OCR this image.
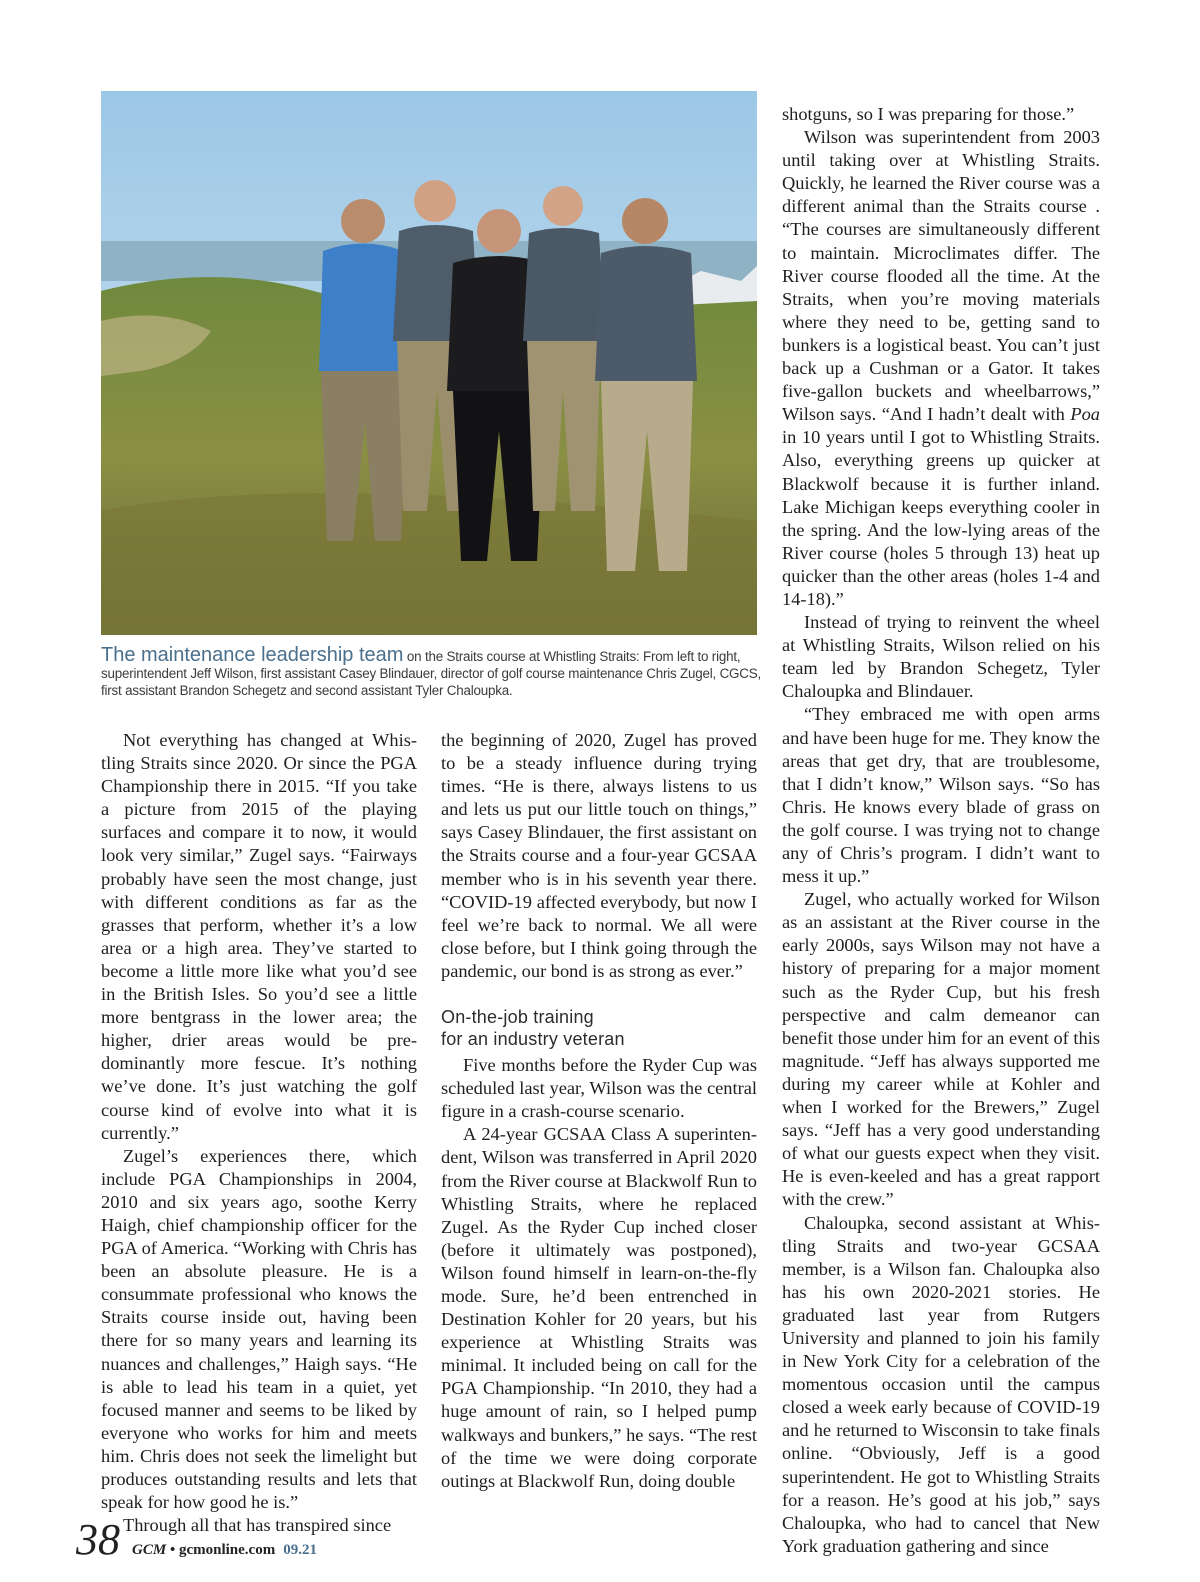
The maintenance leadership team on the Straits course at Whistling Straits: From left to right, superintendent Jeff Wilson, first assistant Casey Blindauer, director of golf course maintenance Chris Zugel, CGCS, first assistant Brandon Schegetz and second assistant Tyler Chaloupka.

Not everything has changed at Whistling Straits since 2020. Or since the PGA Championship there in 2015. “If you take a picture from 2015 of the playing surfaces and compare it to now, it would look very similar,” Zugel says. “Fairways probably have seen the most change, just with different conditions as far as the grasses that perform, whether it’s a low area or a high area. They’ve started to become a little more like what you’d see in the British Isles. So you’d see a little more bentgrass in the lower area; the higher, drier areas would be predominantly more fescue. It’s nothing we’ve done. It’s just watching the golf course kind of evolve into what it is currently.”

Zugel’s experiences there, which include PGA Championships in 2004, 2010 and six years ago, soothe Kerry Haigh, chief championship officer for the PGA of America. “Working with Chris has been an absolute pleasure. He is a consummate professional who knows the Straits course inside out, having been there for so many years and learning its nuances and challenges,” Haigh says. “He is able to lead his team in a quiet, yet focused manner and seems to be liked by everyone who works for him and meets him. Chris does not seek the limelight but produces outstanding results and lets that speak for how good he is.”

Through all that has transpired since

the beginning of 2020, Zugel has proved to be a steady influence during trying times. “He is there, always listens to us and lets us put our little touch on things,” says Casey Blindauer, the first assistant on the Straits course and a four-year GCSAA member who is in his seventh year there. “COVID-19 affected everybody, but now I feel we’re back to normal. We all were close before, but I think going through the pandemic, our bond is as strong as ever.”

On-the-job training
for an industry veteran

Five months before the Ryder Cup was scheduled last year, Wilson was the central figure in a crash-course scenario.

A 24-year GCSAA Class A superintendent, Wilson was transferred in April 2020 from the River course at Blackwolf Run to Whistling Straits, where he replaced Zugel. As the Ryder Cup inched closer (before it ultimately was postponed), Wilson found himself in learn-on-the-fly mode. Sure, he’d been entrenched in Destination Kohler for 20 years, but his experience at Whistling Straits was minimal. It included being on call for the PGA Championship. “In 2010, they had a huge amount of rain, so I helped pump walkways and bunkers,” he says. “The rest of the time we were doing corporate outings at Blackwolf Run, doing double

shotguns, so I was preparing for those.”

Wilson was superintendent from 2003 until taking over at Whistling Straits. Quickly, he learned the River course was a different animal than the Straits course . “The courses are simultaneously different to maintain. Microclimates differ. The River course flooded all the time. At the Straits, when you’re moving materials where they need to be, getting sand to bunkers is a logistical beast. You can’t just back up a Cushman or a Gator. It takes five-gallon buckets and wheelbarrows,” Wilson says. “And I hadn’t dealt with Poa in 10 years until I got to Whistling Straits. Also, everything greens up quicker at Blackwolf because it is further inland. Lake Michigan keeps everything cooler in the spring. And the low-lying areas of the River course (holes 5 through 13) heat up quicker than the other areas (holes 1-4 and 14-18).”

Instead of trying to reinvent the wheel at Whistling Straits, Wilson relied on his team led by Brandon Schegetz, Tyler Chaloupka and Blindauer.

“They embraced me with open arms and have been huge for me. They know the areas that get dry, that are troublesome, that I didn’t know,” Wilson says. “So has Chris. He knows every blade of grass on the golf course. I was trying not to change any of Chris’s program. I didn’t want to mess it up.”

Zugel, who actually worked for Wilson as an assistant at the River course in the early 2000s, says Wilson may not have a history of preparing for a major moment such as the Ryder Cup, but his fresh perspective and calm demeanor can benefit those under him for an event of this magnitude. “Jeff has always supported me during my career while at Kohler and when I worked for the Brewers,” Zugel says. “Jeff has a very good understanding of what our guests expect when they visit. He is even-keeled and has a great rapport with the crew.”

Chaloupka, second assistant at Whistling Straits and two-year GCSAA member, is a Wilson fan. Chaloupka also has his own 2020-2021 stories. He graduated last year from Rutgers University and planned to join his family in New York City for a celebration of the momentous occasion until the campus closed a week early because of COVID-19 and he returned to Wisconsin to take finals online. “Obviously, Jeff is a good superintendent. He got to Whistling Straits for a reason. He’s good at his job,” says Chaloupka, who had to cancel that New York graduation gathering and since

38 GCM • gcmonline.com 09.21
